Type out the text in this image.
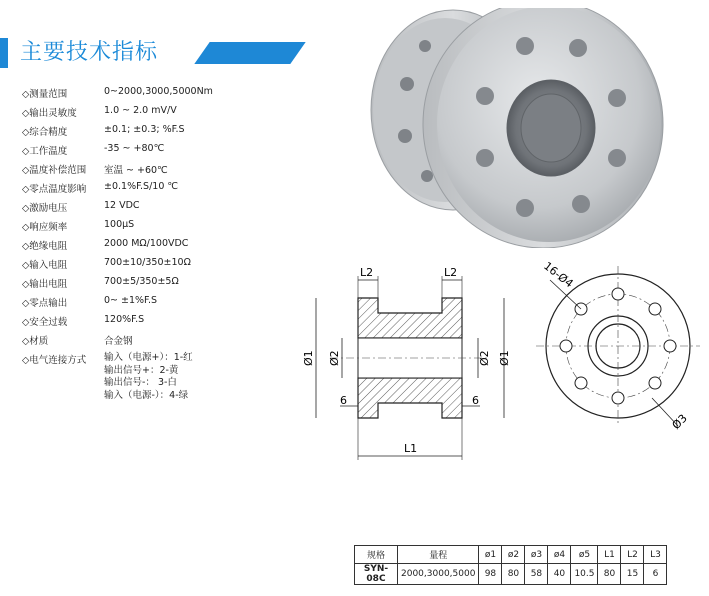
主要技术指标
◇测量范围	0~2000,3000,5000Nm
◇输出灵敏度	1.0 ~ 2.0 mV/V
◇综合精度	±0.1; ±0.3; %F.S
◇工作温度	-35 ~ +80℃
◇温度补偿范围	室温 ~ +60℃
◇零点温度影响	±0.1%F.S/10 ℃
◇激励电压	12 VDC
◇响应频率	100μS
◇绝缘电阻	2000 MΩ/100VDC
◇输入电阻	700±10/350±10Ω
◇输出电阻	700±5/350±5Ω
◇零点输出	0~ ±1%F.S
◇安全过载	120%F.S
◇材质	合金钢
◇电气连接方式	输入（电源+）：1-红
输出信号+：2-黄
输出信号-： 3-白
输入（电源-）：4-绿
L2	L2
Ø1 Ø2	Ø2 Ø1
6	6
L1
16-Ø4
Ø3
规格	量程	ø1	ø2	ø3	ø4	ø5	L1	L2	L3
SYN-08C	2000,3000,5000	98	80	58	40	10.5	80	15	6
